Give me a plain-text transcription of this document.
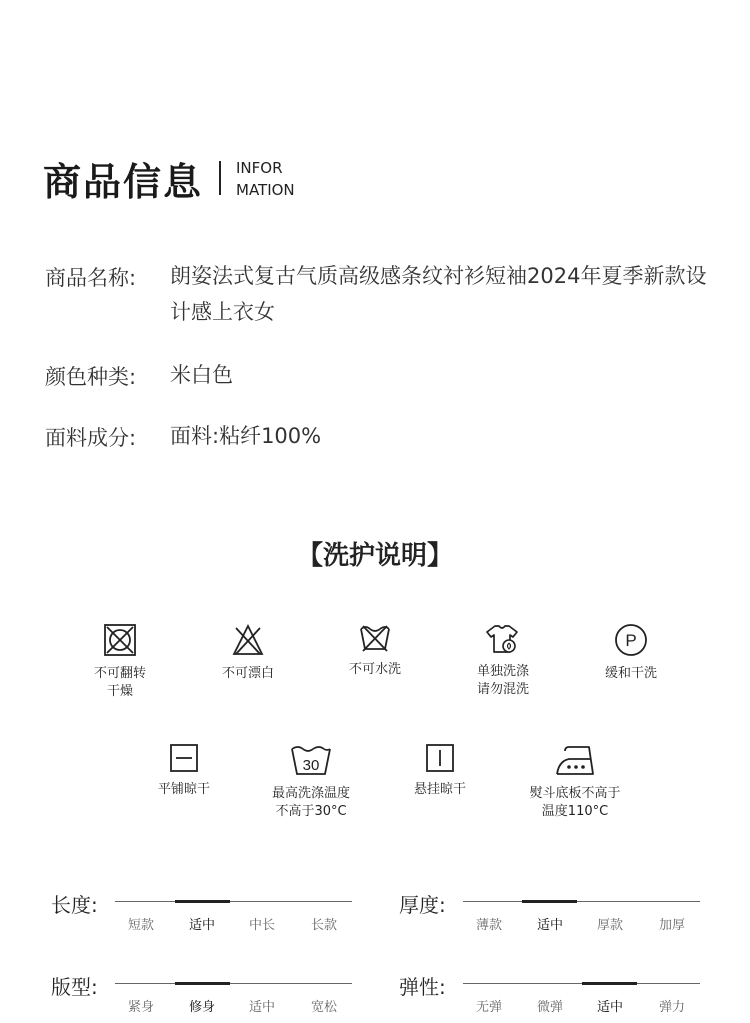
商品信息 INFOR
MATION
商品名称: 朗姿法式复古气质高级感条纹衬衫短袖2024年夏季新款设计感上衣女
颜色种类: 米白色
面料成分: 面料:粘纤100%
【洗护说明】
不可翻转
干燥
不可漂白	不可水洗	单独洗涤
请勿混洗
P
缓和干洗
平铺晾干
30
最高洗涤温度
不高于30°C
悬挂晾干	熨斗底板不高于
温度110°C
长度:
短款	适中	中长	长款
厚度:
薄款	适中	厚款	加厚
版型:
紧身	修身	适中	宽松
弹性:
无弹	微弹	适中	弹力
